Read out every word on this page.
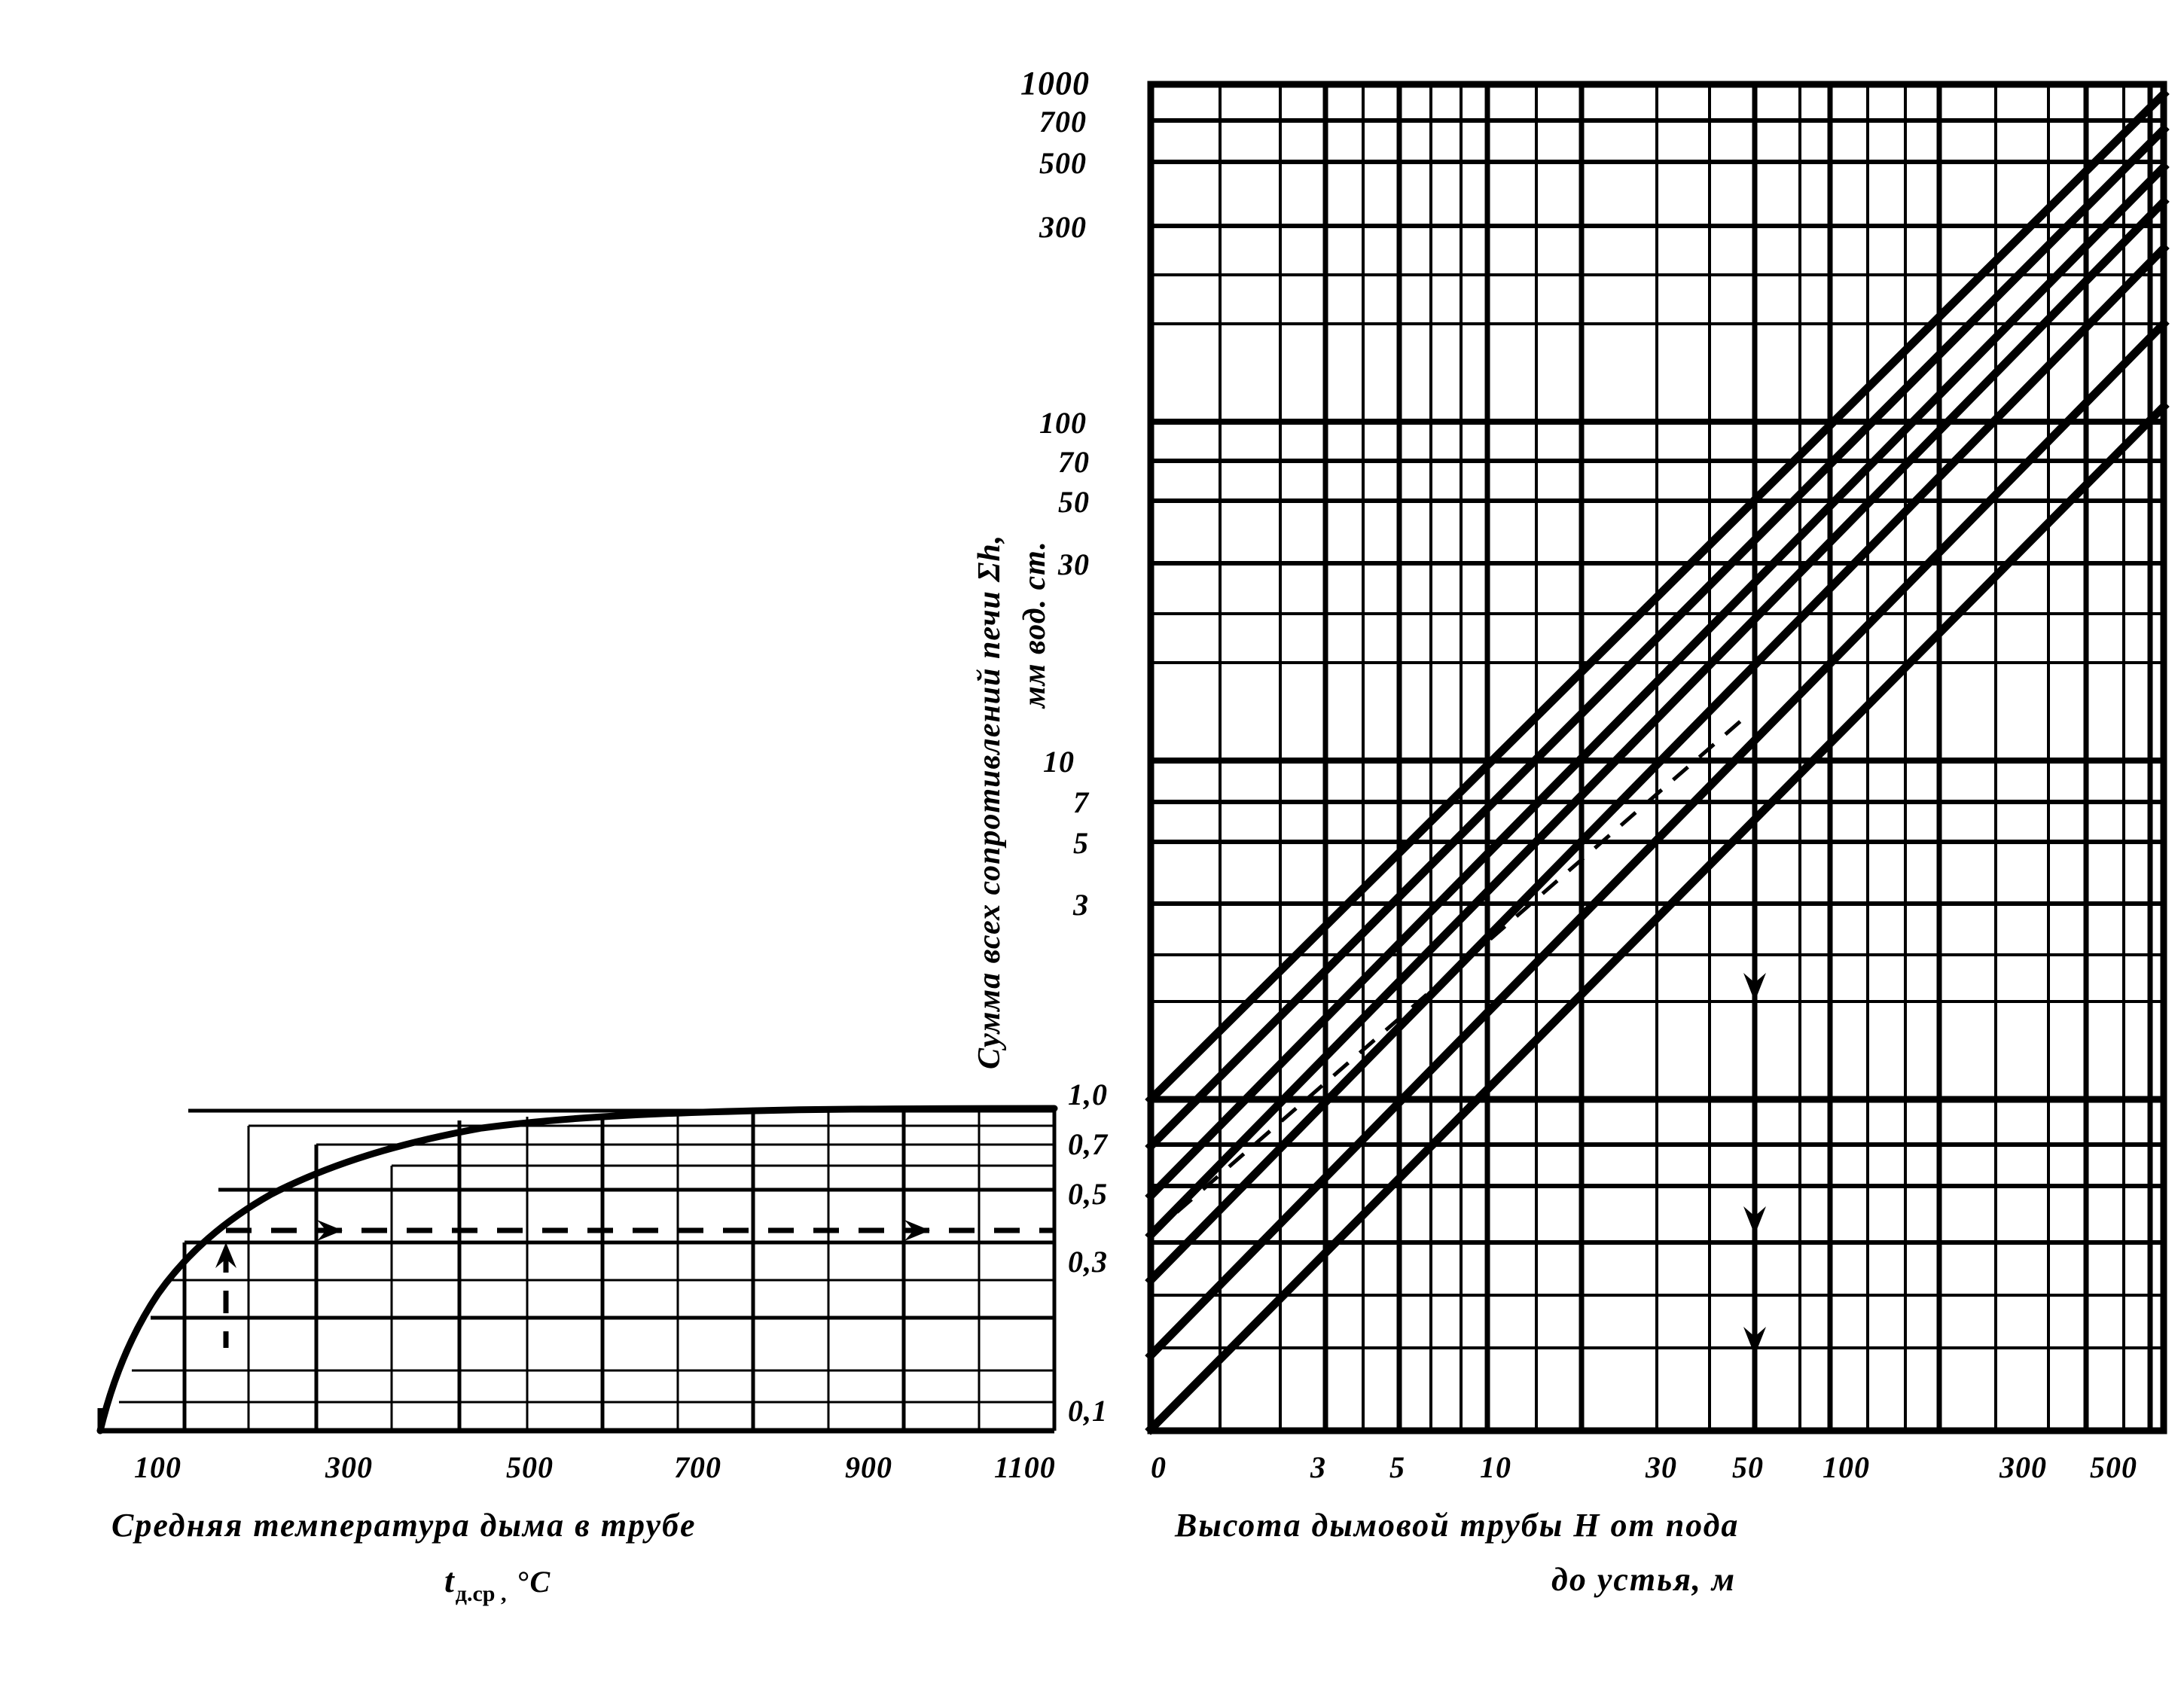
1000
700
500
300
100
70
50
30
10
7
5
3
1,0
0,7
0,5
0,3
0,1
Сумма всех сопротивлений печи Σh, мм вод. ст.
100	300	500	700	900	1100	0	3 5 10	30 50 100	300 500
Средняя температура дыма в трубе
$t_{д.ср ,}$ °С
Высота дымовой трубы Н от пода
до устья, м
